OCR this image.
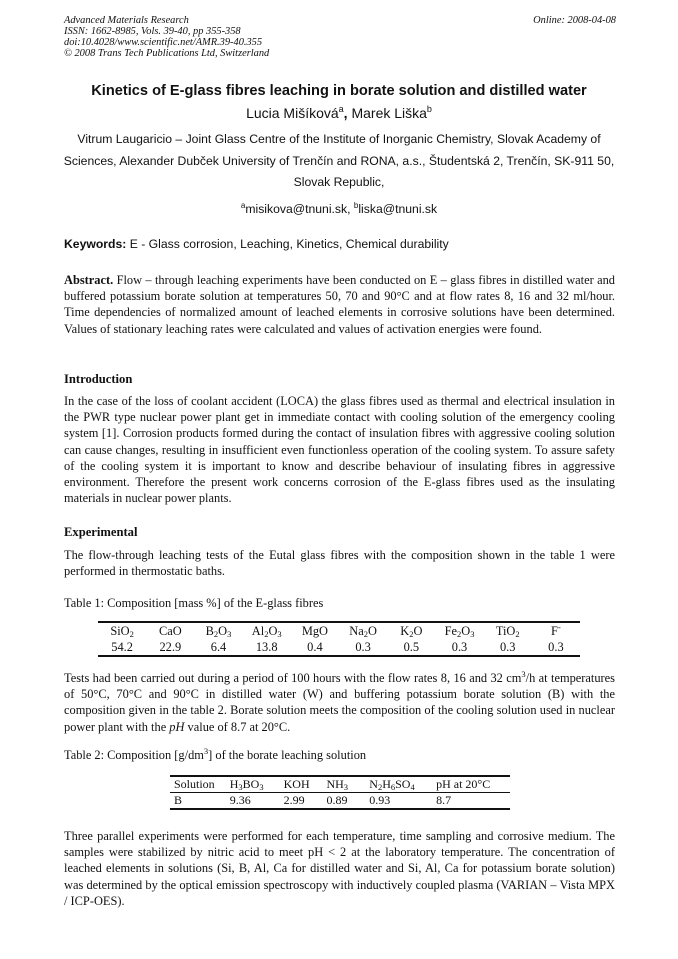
Advanced Materials Research	Online: 2008-04-08
ISSN: 1662-8985, Vols. 39-40, pp 355-358
doi:10.4028/www.scientific.net/AMR.39-40.355
© 2008 Trans Tech Publications Ltd, Switzerland
Kinetics of E-glass fibres leaching in borate solution and distilled water
Lucia Mišíková$^a$, Marek Liška$^b$
Vitrum Laugaricio – Joint Glass Centre of the Institute of Inorganic Chemistry, Slovak Academy of Sciences, Alexander Dubček University of Trenčín and RONA, a.s., Študentská 2, Trenčín, SK-911 50, Slovak Republic,
$^a$misikova@tnuni.sk, $^b$liska@tnuni.sk
Keywords: E - Glass corrosion, Leaching, Kinetics, Chemical durability

Abstract. Flow – through leaching experiments have been conducted on E – glass fibres in distilled water and buffered potassium borate solution at temperatures 50, 70 and 90°C and at flow rates 8, 16 and 32 ml/hour. Time dependencies of normalized amount of leached elements in corrosive solutions have been determined. Values of stationary leaching rates were calculated and values of activation energies were found.

Introduction

In the case of the loss of coolant accident (LOCA) the glass fibres used as thermal and electrical insulation in the PWR type nuclear power plant get in immediate contact with cooling solution of the emergency cooling system [1]. Corrosion products formed during the contact of insulation fibres with aggressive cooling solution can cause changes, resulting in insufficient even functionless operation of the cooling system. To assure safety of the cooling system it is important to know and describe behaviour of insulating fibres in aggressive environment. Therefore the present work concerns corrosion of the E-glass fibres used as the insulating materials in nuclear power plants.

Experimental

The flow-through leaching tests of the Eutal glass fibres with the composition shown in the table 1 were performed in thermostatic baths.

Table 1: Composition [mass %] of the E-glass fibres

SiO$_2$	CaO	$B_2O_3$	$Al_2O_3$	MgO	$Na_2O$	$K_2O$	$Fe_2O_3$	TiO$_2$	F-
54.2	22.9	6.4	13.8	0.4	0.3	0.5	0.3	0.3	0.3

Tests had been carried out during a period of 100 hours with the flow rates 8, 16 and 32 $cm^3/h$ at temperatures of 50°C, 70°C and 90°C in distilled water (W) and buffering potassium borate solution (B) with the composition given in the table 2. Borate solution meets the composition of the cooling solution used in nuclear power plant with the pH value of 8.7 at 20°C.

Table 2: Composition $[g/dm^3]$ of the borate leaching solution

Solution	$H_3BO_3$	KOH	$NH_3$	$N_2H_6SO_4$	pH at 20°C
B	9.36	2.99	0.89	0.93	8.7

Three parallel experiments were performed for each temperature, time sampling and corrosive medium. The samples were stabilized by nitric acid to meet pH < 2 at the laboratory temperature. The concentration of leached elements in solutions (Si, B, Al, Ca for distilled water and Si, Al, Ca for potassium borate solution) was determined by the optical emission spectroscopy with inductively coupled plasma (VARIAN – Vista MPX / ICP-OES).
